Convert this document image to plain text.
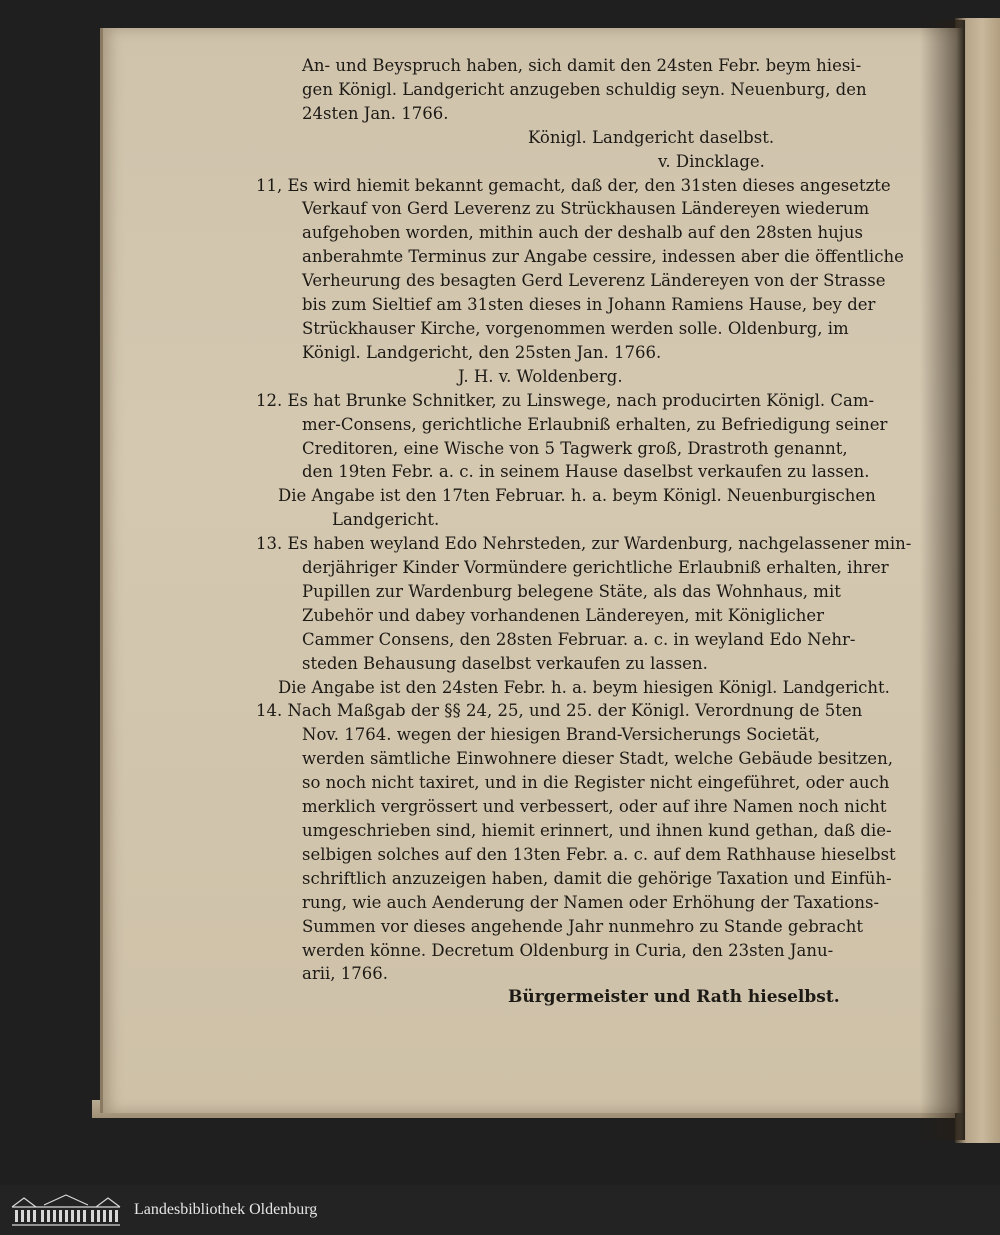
An- und Beyspruch haben, sich damit den 24sten Febr. beym hiesi-

gen Königl. Landgericht anzugeben schuldig seyn. Neuenburg, den

24sten Jan. 1766.

Königl. Landgericht daselbst.

v. Dincklage.

11, Es wird hiemit bekannt gemacht, daß der, den 31sten dieses angesetzte

Verkauf von Gerd Leverenz zu Strückhausen Ländereyen wiederum

aufgehoben worden, mithin auch der deshalb auf den 28sten hujus

anberahmte Terminus zur Angabe cessire, indessen aber die öffentliche

Verheurung des besagten Gerd Leverenz Ländereyen von der Strasse

bis zum Sieltief am 31sten dieses in Johann Ramiens Hause, bey der

Strückhauser Kirche, vorgenommen werden solle. Oldenburg, im

Königl. Landgericht, den 25sten Jan. 1766.

J. H. v. Woldenberg.

12. Es hat Brunke Schnitker, zu Linswege, nach producirten Königl. Cam-

mer-Consens, gerichtliche Erlaubniß erhalten, zu Befriedigung seiner

Creditoren, eine Wische von 5 Tagwerk groß, Drastroth genannt,

den 19ten Febr. a. c. in seinem Hause daselbst verkaufen zu lassen.

Die Angabe ist den 17ten Februar. h. a. beym Königl. Neuenburgischen

Landgericht.

13. Es haben weyland Edo Nehrsteden, zur Wardenburg, nachgelassener min-

derjähriger Kinder Vormündere gerichtliche Erlaubniß erhalten, ihrer

Pupillen zur Wardenburg belegene Stäte, als das Wohnhaus, mit

Zubehör und dabey vorhandenen Ländereyen, mit Königlicher

Cammer Consens, den 28sten Februar. a. c. in weyland Edo Nehr-

steden Behausung daselbst verkaufen zu lassen.

Die Angabe ist den 24sten Febr. h. a. beym hiesigen Königl. Landgericht.

14. Nach Maßgab der §§ 24, 25, und 25. der Königl. Verordnung de 5ten

Nov. 1764. wegen der hiesigen Brand-Versicherungs Societät,

werden sämtliche Einwohnere dieser Stadt, welche Gebäude besitzen,

so noch nicht taxiret, und in die Register nicht eingeführet, oder auch

merklich vergrössert und verbessert, oder auf ihre Namen noch nicht

umgeschrieben sind, hiemit erinnert, und ihnen kund gethan, daß die-

selbigen solches auf den 13ten Febr. a. c. auf dem Rathhause hieselbst

schriftlich anzuzeigen haben, damit die gehörige Taxation und Einfüh-

rung, wie auch Aenderung der Namen oder Erhöhung der Taxations-

Summen vor dieses angehende Jahr nunmehro zu Stande gebracht

werden könne. Decretum Oldenburg in Curia, den 23sten Janu-

arii, 1766.

Bürgermeister und Rath hieselbst.

Landesbibliothek Oldenburg
